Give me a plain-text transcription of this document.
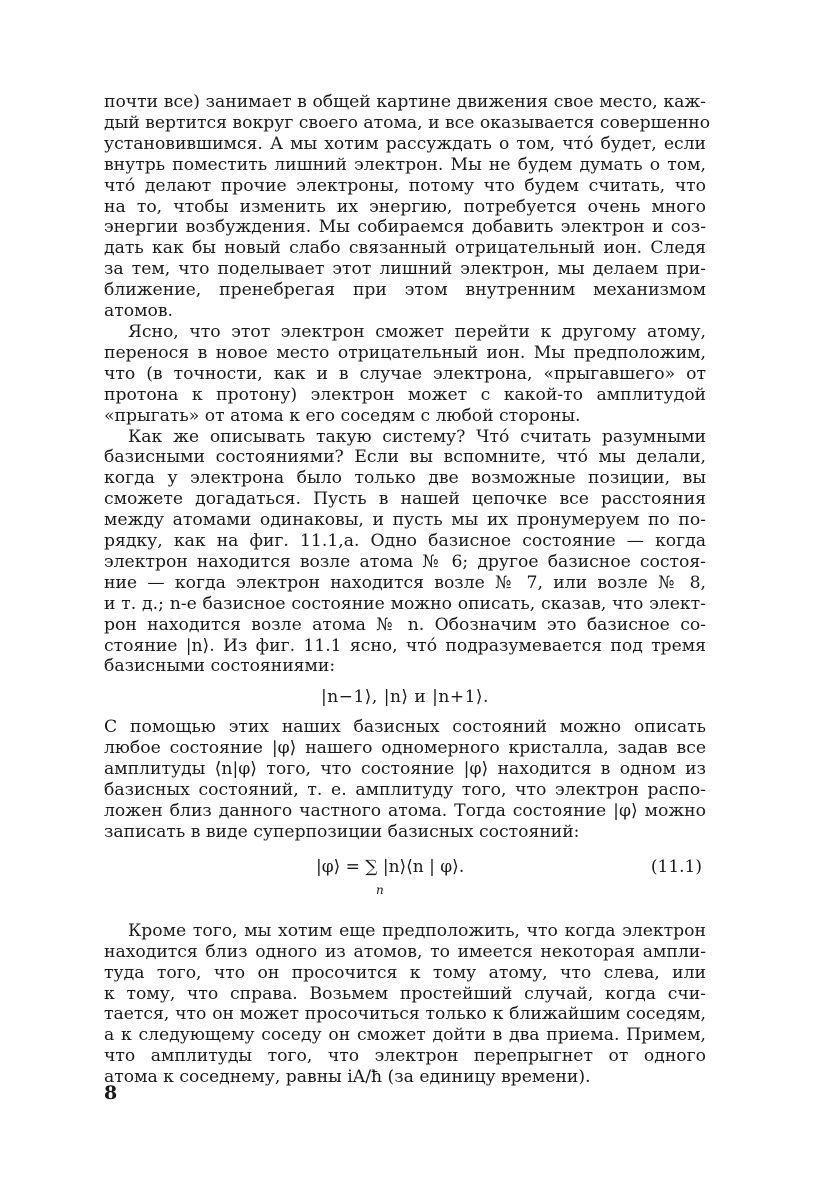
почти все) занимает в общей картине движения свое место, каж-
дый вертится вокруг своего атома, и все оказывается совершенно
установившимся. А мы хотим рассуждать о том, что́ будет, если
внутрь поместить лишний электрон. Мы не будем думать о том,
что́ делают прочие электроны, потому что будем считать, что
на то, чтобы изменить их энергию, потребуется очень много
энергии возбуждения. Мы собираемся добавить электрон и соз-
дать как бы новый слабо связанный отрицательный ион. Следя
за тем, что поделывает этот лишний электрон, мы делаем при-
ближение, пренебрегая при этом внутренним механизмом
атомов.

Ясно, что этот электрон сможет перейти к другому атому,
перенося в новое место отрицательный ион. Мы предположим,
что (в точности, как и в случае электрона, «прыгавшего» от
протона к протону) электрон может с какой-то амплитудой
«прыгать» от атома к его соседям с любой стороны.

Как же описывать такую систему? Что́ считать разумными
базисными состояниями? Если вы вспомните, что́ мы делали,
когда у электрона было только две возможные позиции, вы
сможете догадаться. Пусть в нашей цепочке все расстояния
между атомами одинаковы, и пусть мы их пронумеруем по по-
рядку, как на фиг. 11.1,а. Одно базисное состояние — когда
электрон находится возле атома № 6; другое базисное состоя-
ние — когда электрон находится возле № 7, или возле № 8,
и т. д.; n-е базисное состояние можно описать, сказав, что элект-
рон находится возле атома № n. Обозначим это базисное со-
стояние |n⟩. Из фиг. 11.1 ясно, что́ подразумевается под тремя
базисными состояниями:

|n−1⟩, |n⟩ и |n+1⟩.

С помощью этих наших базисных состояний можно описать
любое состояние |φ⟩ нашего одномерного кристалла, задав все
амплитуды ⟨n|φ⟩ того, что состояние |φ⟩ находится в одном из
базисных состояний, т. е. амплитуду того, что электрон распо-
ложен близ данного частного атома. Тогда состояние |φ⟩ можно
записать в виде суперпозиции базисных состояний:

|φ⟩ = ∑ |n⟩⟨n | φ⟩.
n
(11.1)

Кроме того, мы хотим еще предположить, что когда электрон
находится близ одного из атомов, то имеется некоторая ампли-
туда того, что он просочится к тому атому, что слева, или
к тому, что справа. Возьмем простейший случай, когда счи-
тается, что он может просочиться только к ближайшим соседям,
а к следующему соседу он сможет дойти в два приема. Примем,
что амплитуды того, что электрон перепрыгнет от одного
атома к соседнему, равны iA/ħ (за единицу времени).

8
